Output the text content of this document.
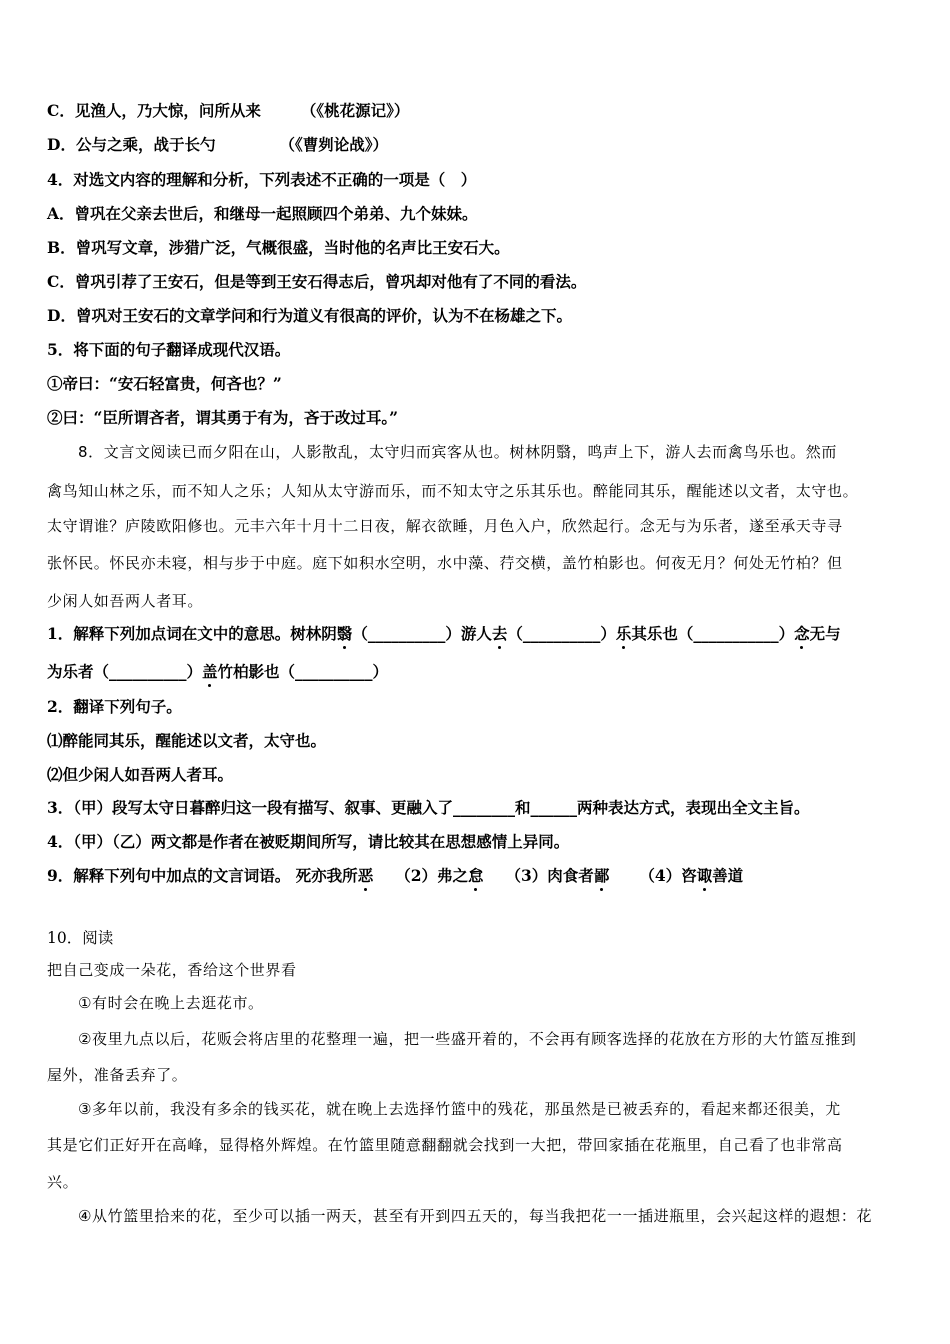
C．见渔人，乃大惊，问所从来	（《桃花源记》）
D．公与之乘，战于长勺	（《曹刿论战》）
4．对选文内容的理解和分析，下列表述不正确的一项是（　）
A．曾巩在父亲去世后，和继母一起照顾四个弟弟、九个妹妹。
B．曾巩写文章，涉猎广泛，气概很盛，当时他的名声比王安石大。
C．曾巩引荐了王安石，但是等到王安石得志后，曾巩却对他有了不同的看法。
D．曾巩对王安石的文章学问和行为道义有很高的评价，认为不在杨雄之下。
5．将下面的句子翻译成现代汉语。
①帝曰：“安石轻富贵，何吝也？”
②曰：“臣所谓吝者，谓其勇于有为，吝于改过耳。”
8．文言文阅读已而夕阳在山，人影散乱，太守归而宾客从也。树林阴翳，鸣声上下，游人去而禽鸟乐也。然而
禽鸟知山林之乐，而不知人之乐；人知从太守游而乐，而不知太守之乐其乐也。醉能同其乐，醒能述以文者，太守也。
太守谓谁？庐陵欧阳修也。元丰六年十月十二日夜，解衣欲睡，月色入户，欣然起行。念无与为乐者，遂至承天寺寻
张怀民。怀民亦未寝，相与步于中庭。庭下如积水空明，水中藻、荇交横，盖竹柏影也。何夜无月？何处无竹柏？但
少闲人如吾两人者耳。
1．解释下列加点词在文中的意思。树林阴翳（__________）游人去（__________）乐其乐也（___________）念无与
为乐者（__________）盖竹柏影也（__________）
2．翻译下列句子。
⑴醉能同其乐，醒能述以文者，太守也。
⑵但少闲人如吾两人者耳。
3．（甲）段写太守日暮醉归这一段有描写、叙事、更融入了________和______两种表达方式，表现出全文主旨。
4．（甲）（乙）两文都是作者在被贬期间所写，请比较其在思想感情上异同。
9．解释下列句中加点的文言词语。 死亦我所恶 （2）弗之怠 （3）肉食者鄙 （4）咨诹善道
10．阅读
把自己变成一朵花，香给这个世界看
①有时会在晚上去逛花市。
②夜里九点以后，花贩会将店里的花整理一遍，把一些盛开着的，不会再有顾客选择的花放在方形的大竹篮亙推到
屋外，准备丢弃了。
③多年以前，我没有多余的钱买花，就在晚上去选择竹篮中的残花，那虽然是已被丢弃的，看起来都还很美，尤
其是它们正好开在高峰，显得格外辉煌。在竹篮里随意翻翻就会找到一大把，带回家插在花瓶里，自己看了也非常高
兴。
④从竹篮里拾来的花，至少可以插一两天，甚至有开到四五天的，每当我把花一一插进瓶里，会兴起这样的遐想：花
